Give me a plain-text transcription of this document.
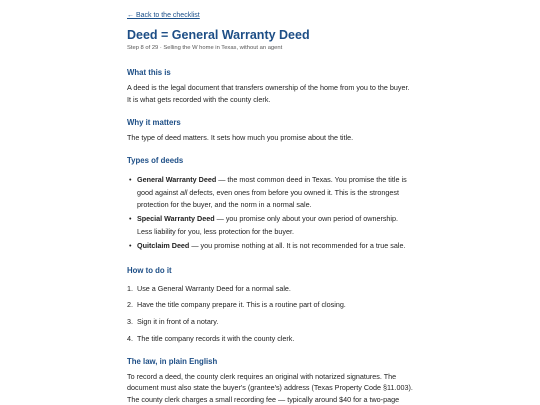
← Back to the checklist
Deed = General Warranty Deed
Step 8 of 29 · Selling the W home in Texas, without an agent
What this is
A deed is the legal document that transfers ownership of the home from you to the buyer.
It is what gets recorded with the county clerk.
Why it matters
The type of deed matters. It sets how much you promise about the title.
Types of deeds
• General Warranty Deed — the most common deed in Texas. You promise the title is
good against all defects, even ones from before you owned it. This is the strongest
protection for the buyer, and the norm in a normal sale.
• Special Warranty Deed — you promise only about your own period of ownership.
Less liability for you, less protection for the buyer.
• Quitclaim Deed — you promise nothing at all. It is not recommended for a true sale.
How to do it
1. Use a General Warranty Deed for a normal sale.
2. Have the title company prepare it. This is a routine part of closing.
3. Sign it in front of a notary.
4. The title company records it with the county clerk.
The law, in plain English
To record a deed, the county clerk requires an original with notarized signatures. The
document must also state the buyer's (grantee's) address (Texas Property Code §11.003).
The county clerk charges a small recording fee — typically around $40 for a two-page
